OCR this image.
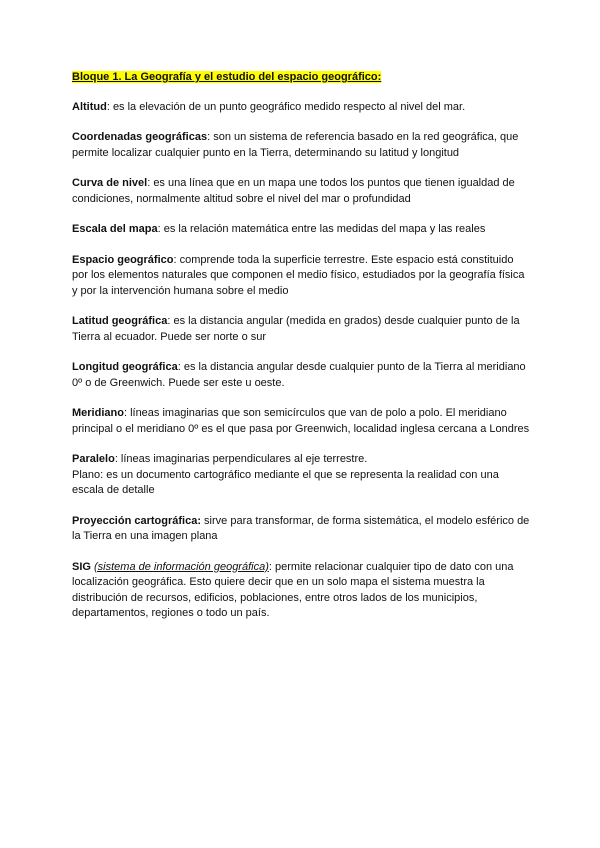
Bloque 1. La Geografía y el estudio del espacio geográfico:

Altitud: es la elevación de un punto geográfico medido respecto al nivel del mar.

Coordenadas geográficas: son un sistema de referencia basado en la red geográfica, que permite localizar cualquier punto en la Tierra, determinando su latitud y longitud

Curva de nivel: es una línea que en un mapa une todos los puntos que tienen igualdad de condiciones, normalmente altitud sobre el nivel del mar o profundidad

Escala del mapa: es la relación matemática entre las medidas del mapa y las reales

Espacio geográfico: comprende toda la superficie terrestre. Este espacio está constituido por los elementos naturales que componen el medio físico, estudiados por la geografía física y por la intervención humana sobre el medio

Latitud geográfica: es la distancia angular (medida en grados) desde cualquier punto de la Tierra al ecuador. Puede ser norte o sur

Longitud geográfica: es la distancia angular desde cualquier punto de la Tierra al meridiano 0º o de Greenwich. Puede ser este u oeste.

Meridiano: líneas imaginarias que son semicírculos que van de polo a polo. El meridiano principal o el meridiano 0º es el que pasa por Greenwich, localidad inglesa cercana a Londres

Paralelo: líneas imaginarias perpendiculares al eje terrestre.
Plano: es un documento cartográfico mediante el que se representa la realidad con una escala de detalle

Proyección cartográfica: sirve para transformar, de forma sistemática, el modelo esférico de la Tierra en una imagen plana

SIG (sistema de información geográfica): permite relacionar cualquier tipo de dato con una localización geográfica. Esto quiere decir que en un solo mapa el sistema muestra la distribución de recursos, edificios, poblaciones, entre otros lados de los municipios, departamentos, regiones o todo un país.
